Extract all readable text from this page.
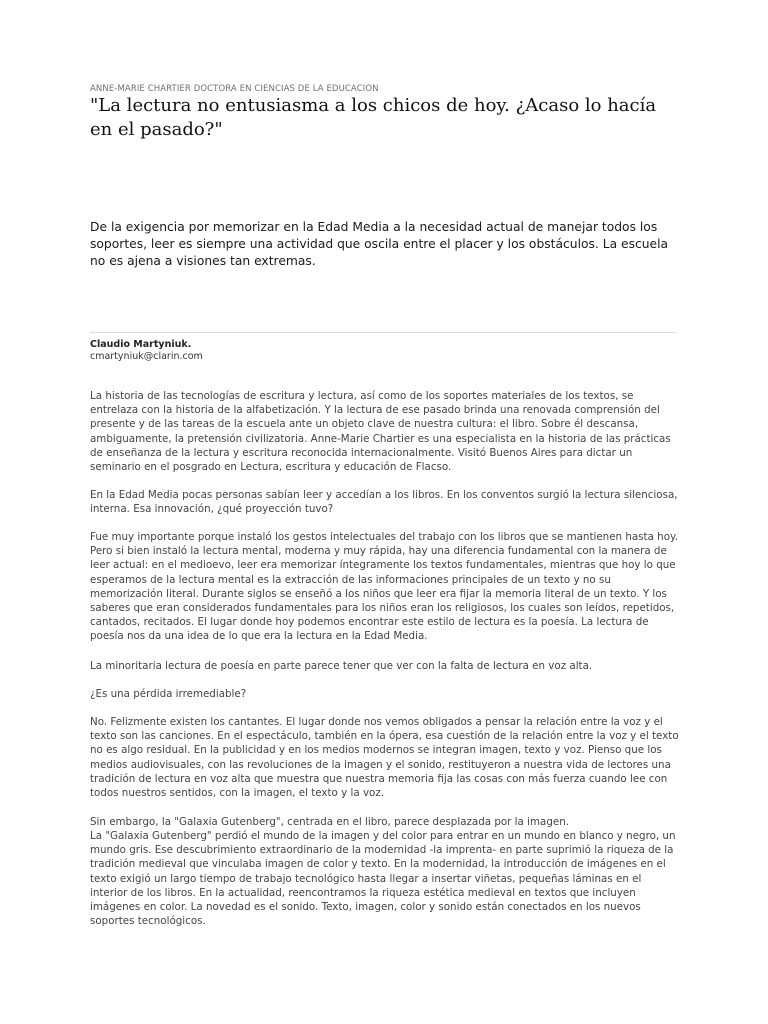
ANNE-MARIE CHARTIER DOCTORA EN CIENCIAS DE LA EDUCACION
"La lectura no entusiasma a los chicos de hoy. ¿Acaso lo hacía en el pasado?"

De la exigencia por memorizar en la Edad Media a la necesidad actual de manejar todos los soportes, leer es siempre una actividad que oscila entre el placer y los obstáculos. La escuela no es ajena a visiones tan extremas.

Claudio Martyniuk.
cmartyniuk@clarin.com

La historia de las tecnologías de escritura y lectura, así como de los soportes materiales de los textos, se entrelaza con la historia de la alfabetización. Y la lectura de ese pasado brinda una renovada comprensión del presente y de las tareas de la escuela ante un objeto clave de nuestra cultura: el libro. Sobre él descansa, ambiguamente, la pretensión civilizatoria. Anne-Marie Chartier es una especialista en la historia de las prácticas de enseñanza de la lectura y escritura reconocida internacionalmente. Visitó Buenos Aires para dictar un seminario en el posgrado en Lectura, escritura y educación de Flacso.

En la Edad Media pocas personas sabían leer y accedían a los libros. En los conventos surgió la lectura silenciosa, interna. Esa innovación, ¿qué proyección tuvo?

Fue muy importante porque instaló los gestos intelectuales del trabajo con los libros que se mantienen hasta hoy. Pero si bien instaló la lectura mental, moderna y muy rápida, hay una diferencia fundamental con la manera de leer actual: en el medioevo, leer era memorizar íntegramente los textos fundamentales, mientras que hoy lo que esperamos de la lectura mental es la extracción de las informaciones principales de un texto y no su memorización literal. Durante siglos se enseñó a los niños que leer era fijar la memoria literal de un texto. Y los saberes que eran considerados fundamentales para los niños eran los religiosos, los cuales son leídos, repetidos, cantados, recitados. El lugar donde hoy podemos encontrar este estilo de lectura es la poesía. La lectura de poesía nos da una idea de lo que era la lectura en la Edad Media.

La minoritaria lectura de poesía en parte parece tener que ver con la falta de lectura en voz alta.

¿Es una pérdida irremediable?

No. Felizmente existen los cantantes. El lugar donde nos vemos obligados a pensar la relación entre la voz y el texto son las canciones. En el espectáculo, también en la ópera, esa cuestión de la relación entre la voz y el texto no es algo residual. En la publicidad y en los medios modernos se integran imagen, texto y voz. Pienso que los medios audiovisuales, con las revoluciones de la imagen y el sonido, restituyeron a nuestra vida de lectores una tradición de lectura en voz alta que muestra que nuestra memoria fija las cosas con más fuerza cuando lee con todos nuestros sentidos, con la imagen, el texto y la voz.

Sin embargo, la "Galaxia Gutenberg", centrada en el libro, parece desplazada por la imagen.

La "Galaxia Gutenberg" perdió el mundo de la imagen y del color para entrar en un mundo en blanco y negro, un mundo gris. Ese descubrimiento extraordinario de la modernidad -la imprenta- en parte suprimió la riqueza de la tradición medieval que vinculaba imagen de color y texto. En la modernidad, la introducción de imágenes en el texto exigió un largo tiempo de trabajo tecnológico hasta llegar a insertar viñetas, pequeñas láminas en el interior de los libros. En la actualidad, reencontramos la riqueza estética medieval en textos que incluyen imágenes en color. La novedad es el sonido. Texto, imagen, color y sonido están conectados en los nuevos soportes tecnológicos.
